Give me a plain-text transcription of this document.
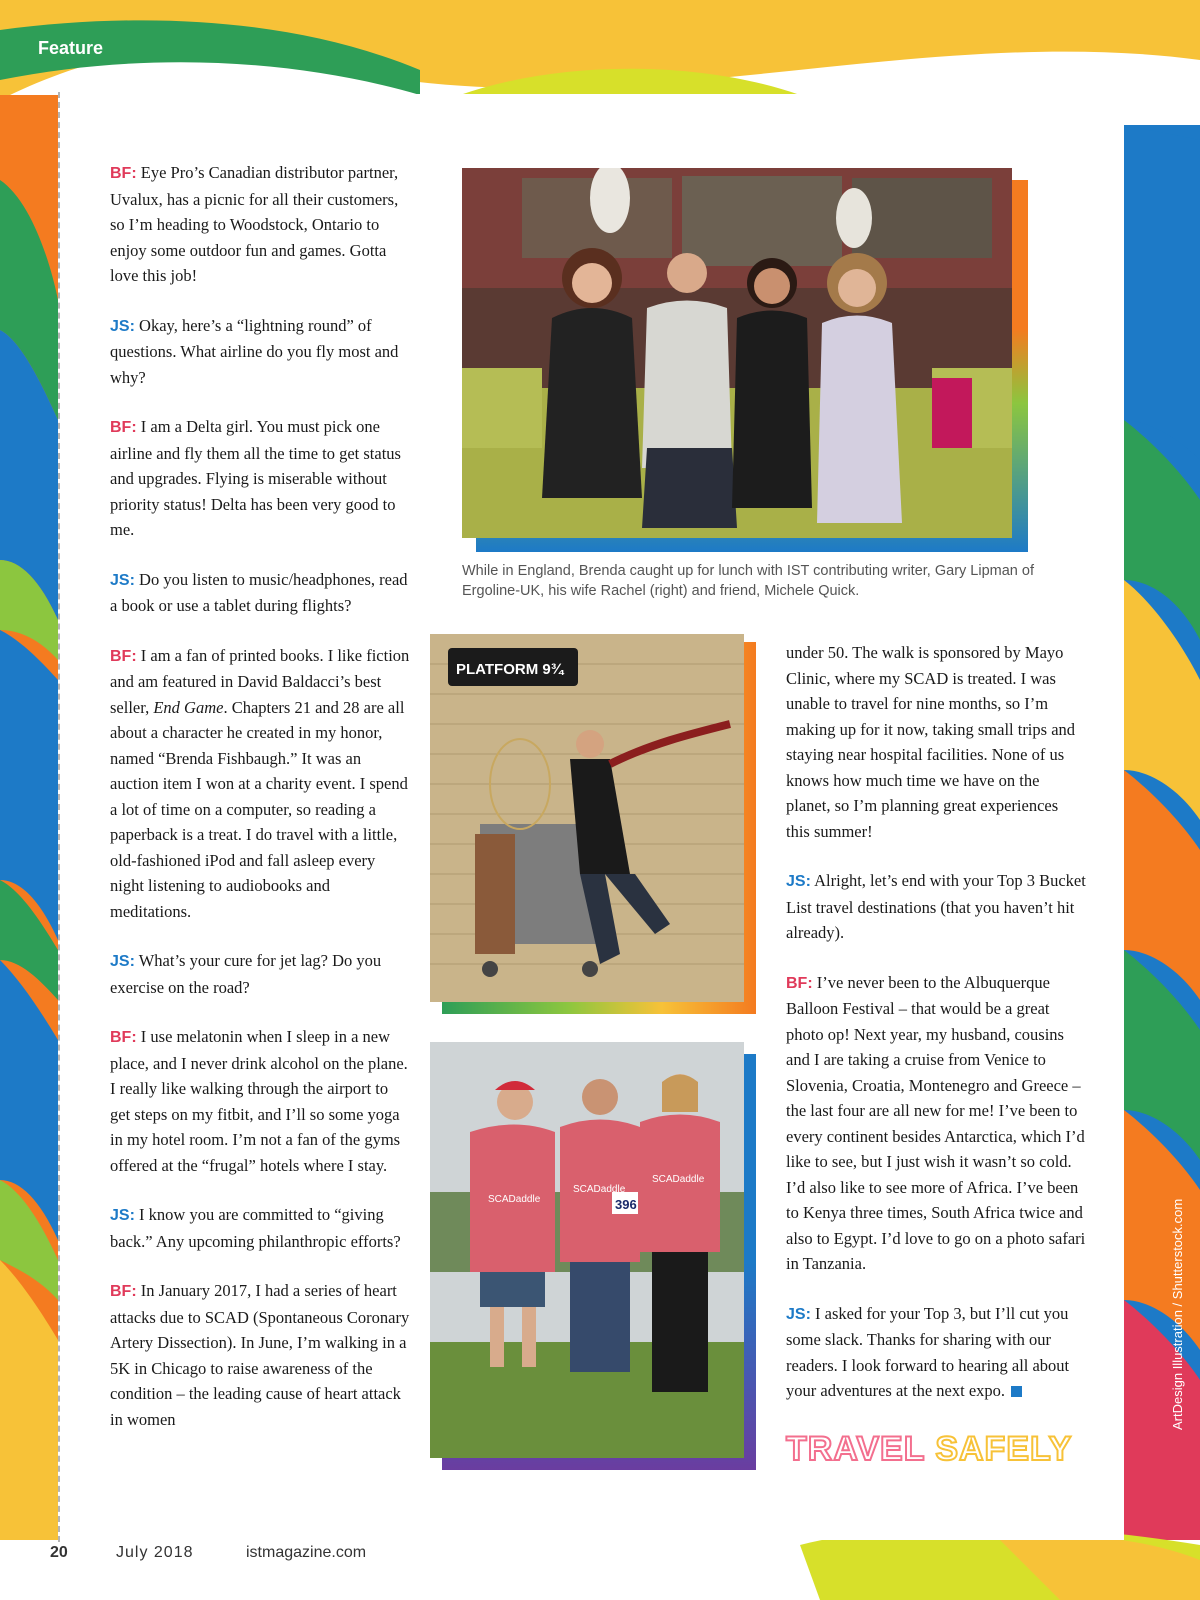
Feature

BF: Eye Pro’s Canadian distributor partner, Uvalux, has a picnic for all their customers, so I’m heading to Woodstock, Ontario to enjoy some outdoor fun and games. Gotta love this job!

JS: Okay, here’s a “lightning round” of questions. What airline do you fly most and why?

BF: I am a Delta girl. You must pick one airline and fly them all the time to get status and upgrades. Flying is miserable without priority status! Delta has been very good to me.

JS: Do you listen to music/headphones, read a book or use a tablet during flights?

BF: I am a fan of printed books. I like fiction and am featured in David Baldacci’s best seller, End Game. Chapters 21 and 28 are all about a character he created in my honor, named “Brenda Fishbaugh.” It was an auction item I won at a charity event. I spend a lot of time on a computer, so reading a paperback is a treat. I do travel with a little, old-fashioned iPod and fall asleep every night listening to audiobooks and meditations.

JS: What’s your cure for jet lag? Do you exercise on the road?

BF: I use melatonin when I sleep in a new place, and I never drink alcohol on the plane. I really like walking through the airport to get steps on my fitbit, and I’ll so some yoga in my hotel room. I’m not a fan of the gyms offered at the “frugal” hotels where I stay.

JS: I know you are committed to “giving back.” Any upcoming philanthropic efforts?

BF: In January 2017, I had a series of heart attacks due to SCAD (Spontaneous Coronary Artery Dissection). In June, I’m walking in a 5K in Chicago to raise awareness of the condition – the leading cause of heart attack in women

under 50. The walk is sponsored by Mayo Clinic, where my SCAD is treated. I was unable to travel for nine months, so I’m making up for it now, taking small trips and staying near hospital facilities. None of us knows how much time we have on the planet, so I’m planning great experiences this summer!

JS: Alright, let’s end with your Top 3 Bucket List travel destinations (that you haven’t hit already).

BF: I’ve never been to the Albuquerque Balloon Festival – that would be a great photo op! Next year, my husband, cousins and I are taking a cruise from Venice to Slovenia, Croatia, Montenegro and Greece – the last four are all new for me! I’ve been to every continent besides Antarctica, which I’d like to see, but I just wish it wasn’t so cold. I’d also like to see more of Africa. I’ve been to Kenya three times, South Africa twice and also to Egypt. I’d love to go on a photo safari in Tanzania.

JS: I asked for your Top 3, but I’ll cut you some slack. Thanks for sharing with our readers. I look forward to hearing all about your adventures at the next expo.

While in England, Brenda caught up for lunch with IST contributing writer, Gary Lipman of Ergoline-UK, his wife Rachel (right) and friend, Michele Quick.
PLATFORM 9¾
396
SCADaddle
SCADaddle
SCADaddle
TRAVEL SAFELY
ArtDesign Illustration / Shutterstock.com
20	July 2018	istmagazine.com
